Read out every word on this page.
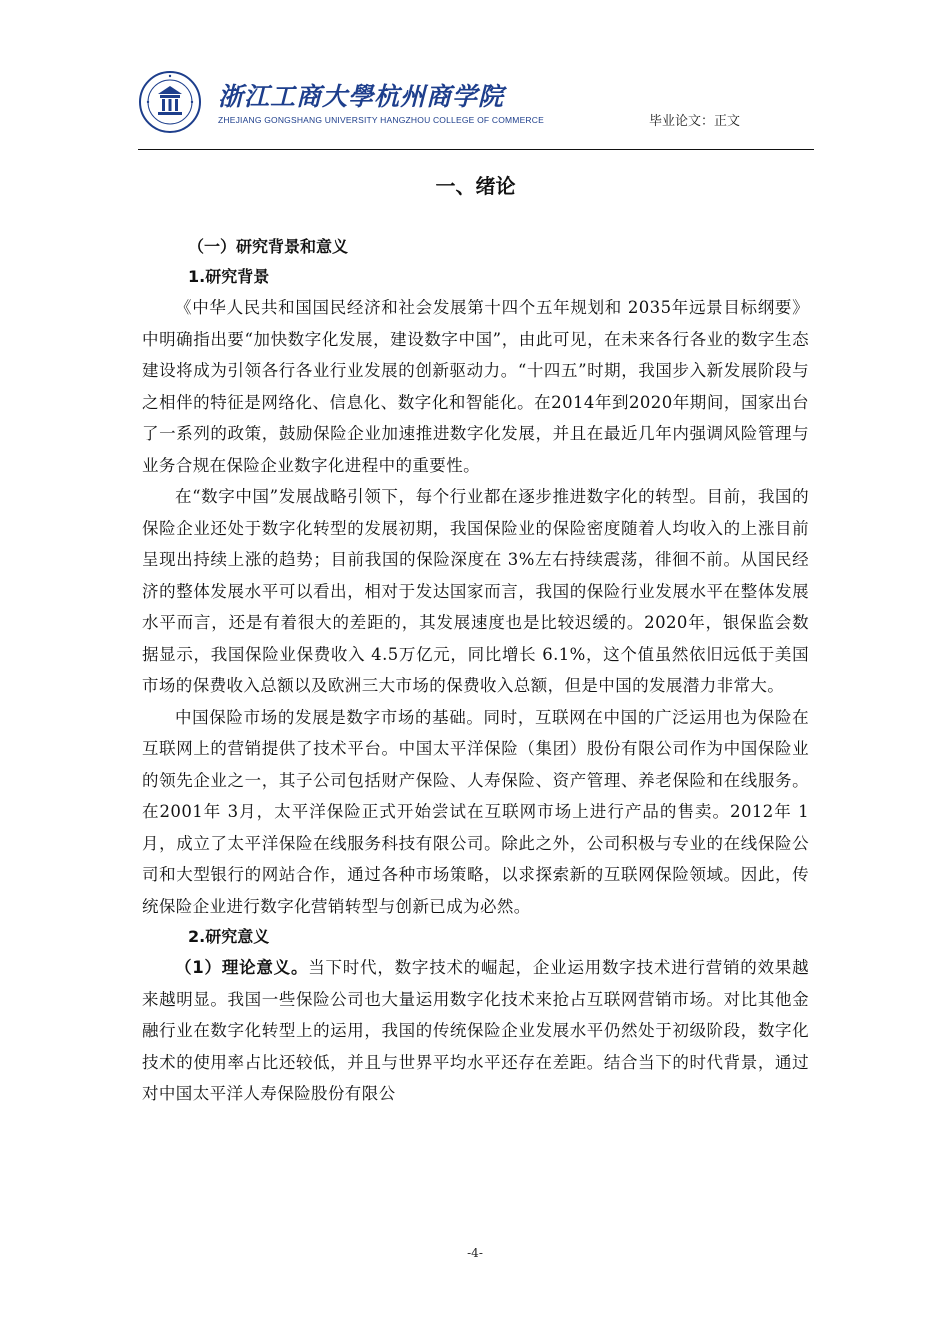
浙江工商大學杭州商学院
ZHEJIANG GONGSHANG UNIVERSITY HANGZHOU COLLEGE OF COMMERCE	毕业论文：正文
一、绪论
（一）研究背景和意义
1.研究背景

《中华人民共和国国民经济和社会发展第十四个五年规划和 2035年远景目标纲要》中明确指出要“加快数字化发展，建设数字中国”，由此可见，在未来各行各业的数字生态建设将成为引领各行各业行业发展的创新驱动力。“十四五”时期，我国步入新发展阶段与之相伴的特征是网络化、信息化、数字化和智能化。在2014年到2020年期间，国家出台了一系列的政策，鼓励保险企业加速推进数字化发展，并且在最近几年内强调风险管理与业务合规在保险企业数字化进程中的重要性。

在“数字中国”发展战略引领下，每个行业都在逐步推进数字化的转型。目前，我国的保险企业还处于数字化转型的发展初期，我国保险业的保险密度随着人均收入的上涨目前呈现出持续上涨的趋势；目前我国的保险深度在 3%左右持续震荡，徘徊不前。从国民经济的整体发展水平可以看出，相对于发达国家而言，我国的保险行业发展水平在整体发展水平而言，还是有着很大的差距的，其发展速度也是比较迟缓的。2020年，银保监会数据显示，我国保险业保费收入 4.5万亿元，同比增长 6.1%，这个值虽然依旧远低于美国市场的保费收入总额以及欧洲三大市场的保费收入总额，但是中国的发展潜力非常大。

中国保险市场的发展是数字市场的基础。同时，互联网在中国的广泛运用也为保险在互联网上的营销提供了技术平台。中国太平洋保险（集团）股份有限公司作为中国保险业的领先企业之一，其子公司包括财产保险、人寿保险、资产管理、养老保险和在线服务。在2001年 3月，太平洋保险正式开始尝试在互联网市场上进行产品的售卖。2012年 1月，成立了太平洋保险在线服务科技有限公司。除此之外，公司积极与专业的在线保险公司和大型银行的网站合作，通过各种市场策略，以求探索新的互联网保险领域。因此，传统保险企业进行数字化营销转型与创新已成为必然。

2.研究意义

（1）理论意义。当下时代，数字技术的崛起，企业运用数字技术进行营销的效果越来越明显。我国一些保险公司也大量运用数字化技术来抢占互联网营销市场。对比其他金融行业在数字化转型上的运用，我国的传统保险企业发展水平仍然处于初级阶段，数字化技术的使用率占比还较低，并且与世界平均水平还存在差距。结合当下的时代背景，通过对中国太平洋人寿保险股份有限公

-4-
